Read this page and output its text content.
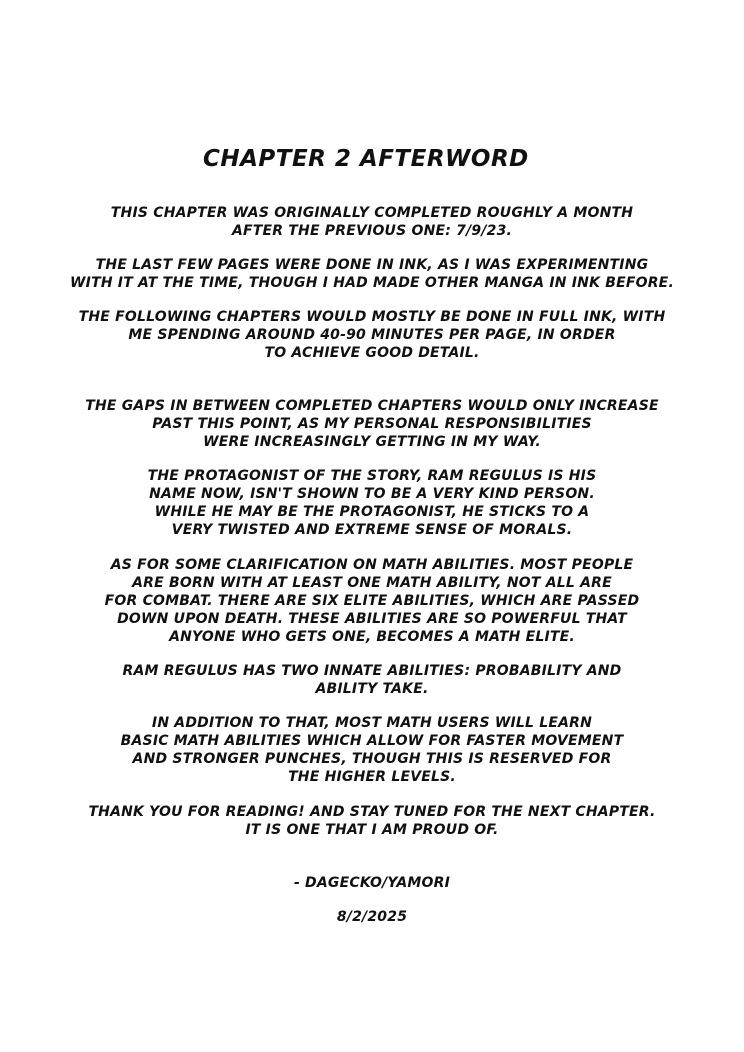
CHAPTER 2 AFTERWORD
THIS CHAPTER WAS ORIGINALLY COMPLETED ROUGHLY A MONTH
AFTER THE PREVIOUS ONE: 7/9/23.
THE LAST FEW PAGES WERE DONE IN INK, AS I WAS EXPERIMENTING
WITH IT AT THE TIME, THOUGH I HAD MADE OTHER MANGA IN INK BEFORE.
THE FOLLOWING CHAPTERS WOULD MOSTLY BE DONE IN FULL INK, WITH
ME SPENDING AROUND 40-90 MINUTES PER PAGE, IN ORDER
TO ACHIEVE GOOD DETAIL.
THE GAPS IN BETWEEN COMPLETED CHAPTERS WOULD ONLY INCREASE
PAST THIS POINT, AS MY PERSONAL RESPONSIBILITIES
WERE INCREASINGLY GETTING IN MY WAY.
THE PROTAGONIST OF THE STORY, RAM REGULUS IS HIS
NAME NOW, ISN'T SHOWN TO BE A VERY KIND PERSON.
WHILE HE MAY BE THE PROTAGONIST, HE STICKS TO A
VERY TWISTED AND EXTREME SENSE OF MORALS.
AS FOR SOME CLARIFICATION ON MATH ABILITIES. MOST PEOPLE
ARE BORN WITH AT LEAST ONE MATH ABILITY, NOT ALL ARE
FOR COMBAT. THERE ARE SIX ELITE ABILITIES, WHICH ARE PASSED
DOWN UPON DEATH. THESE ABILITIES ARE SO POWERFUL THAT
ANYONE WHO GETS ONE, BECOMES A MATH ELITE.
RAM REGULUS HAS TWO INNATE ABILITIES: PROBABILITY AND
ABILITY TAKE.
IN ADDITION TO THAT, MOST MATH USERS WILL LEARN
BASIC MATH ABILITIES WHICH ALLOW FOR FASTER MOVEMENT
AND STRONGER PUNCHES, THOUGH THIS IS RESERVED FOR
THE HIGHER LEVELS.
THANK YOU FOR READING! AND STAY TUNED FOR THE NEXT CHAPTER.
IT IS ONE THAT I AM PROUD OF.
- DAGECKO/YAMORI
8/2/2025
